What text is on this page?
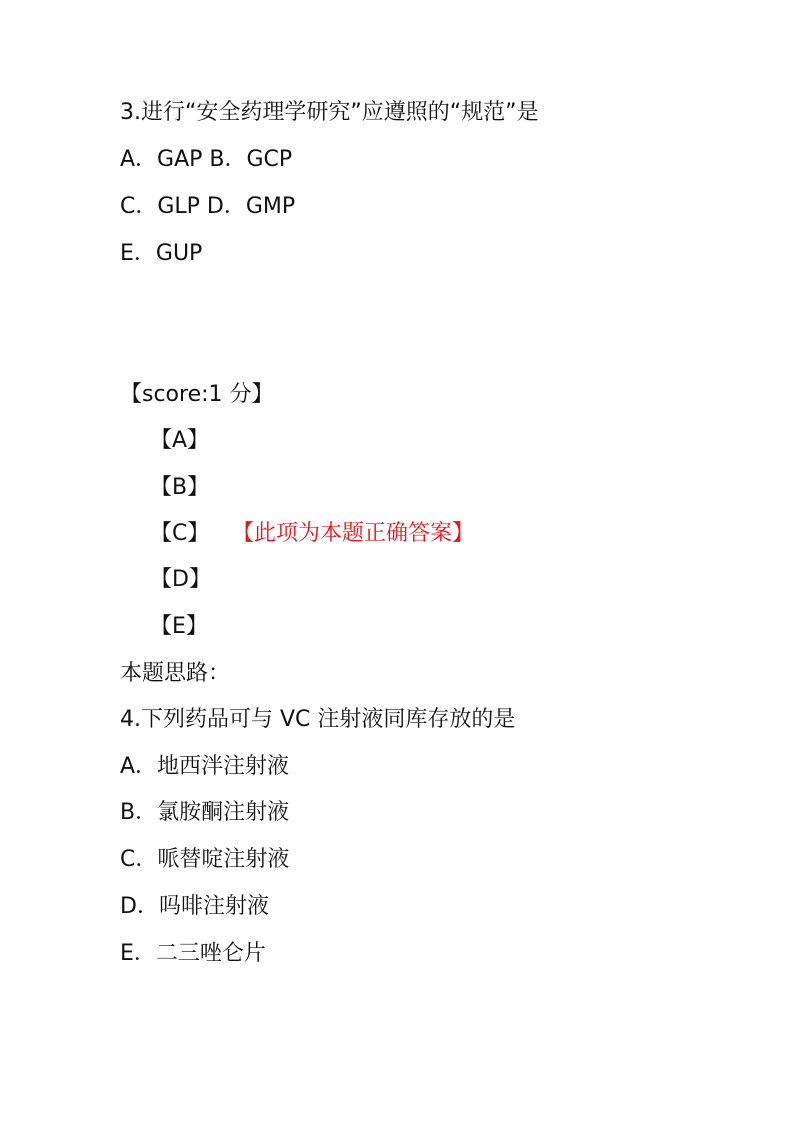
3.进行“安全药理学研究”应遵照的“规范”是
A．GAP B．GCP
C．GLP D．GMP
E．GUP
【score:1 分】
【A】
【B】
【C】 【此项为本题正确答案】
【D】
【E】
本题思路：
4.下列药品可与 VC 注射液同库存放的是
A．地西泮注射液
B．氯胺酮注射液
C．哌替啶注射液
D．吗啡注射液
E．二三唑仑片
